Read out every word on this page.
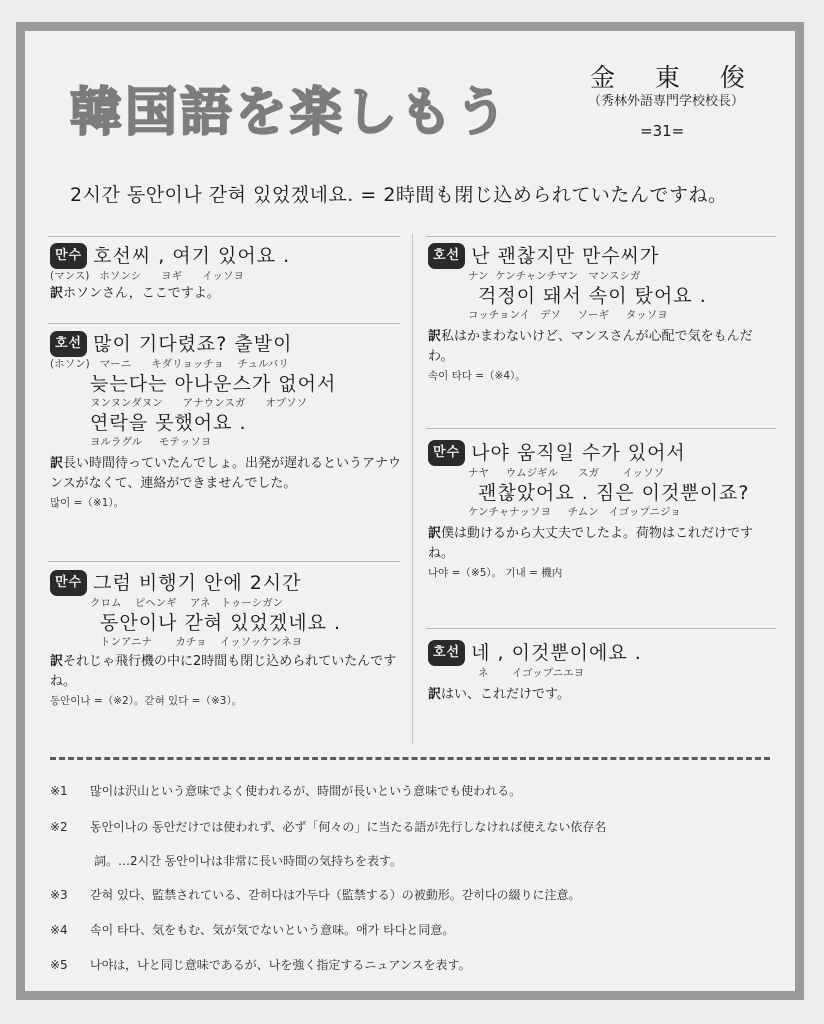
韓国語を楽しもう
金 東 俊
（秀林外語専門学校校長）
=31=
2시간 동안이나 갇혀 있었겠네요. = 2時間も閉じ込められていたんですね。
만수 호선씨 , 여기 있어요 .
(マンス)   ホソンシ      ヨギ      イッソヨ
訳ホソンさん，ここですよ。
호선 많이 기다렸죠? 출발이
(ホソン)   マーニ      キダリョッチョ    チュルバリ
늦는다는 아나운스가 없어서
ヌンヌンダヌン      アナウンスガ      オプソソ
연락을 못했어요 .
ヨルラグル     モテッソヨ
訳長い時間待っていたんでしょ。出発が遅れるというアナウンスがなくて、連絡ができませんでした。
많이 =（※1）。
만수 그럼 비행기 안에 2시간
クロム    ピヘンギ    アネ   トゥーシガン
동안이나 갇혀 있었겠네요 .
トンアニナ       カチョ    イッソッケンネヨ
訳それじゃ飛行機の中に2時間も閉じ込められていたんですね。
동안이나 =（※2）。갇혀 있다 =（※3）。
호선 난 괜찮지만 만수씨가
ナン  ケンチャンチマン   マンスシガ
걱정이 돼서 속이 탔어요 .
コッチョンイ   デソ     ソーギ     タッソヨ
訳私はかまわないけど、マンスさんが心配で気をもんだわ。
속이 타다 =（※4）。
만수 나야 움직일 수가 있어서
ナヤ     ウムジギル      スガ       イッソソ
괜찮았어요 . 짐은 이것뿐이죠?
ケンチャナッソヨ     チムン   イゴップニジョ
訳僕は動けるから大丈夫でしたよ。荷物はこれだけですね。
나야 =（※5）。 기내 = 機内
호선 네 , 이것뿐이에요 .
ネ       イゴップニエヨ
訳はい、これだけです。
※1 많이は沢山という意味でよく使われるが、時間が長いという意味でも使われる。
※2 동안이나の 동안だけでは使われず、必ず「何々の」に当たる語が先行しなければ使えない依存名
詞。…2시간 동안이나は非常に長い時間の気持ちを表す。
※3 갇혀 있다、監禁されている、갇히다は가두다（監禁する）の被動形。갇히다の綴りに注意。
※4 속이 타다、気をもむ、気が気でないという意味。애가 타다と同意。
※5 나야は，나と同じ意味であるが、나を強く指定するニュアンスを表す。
